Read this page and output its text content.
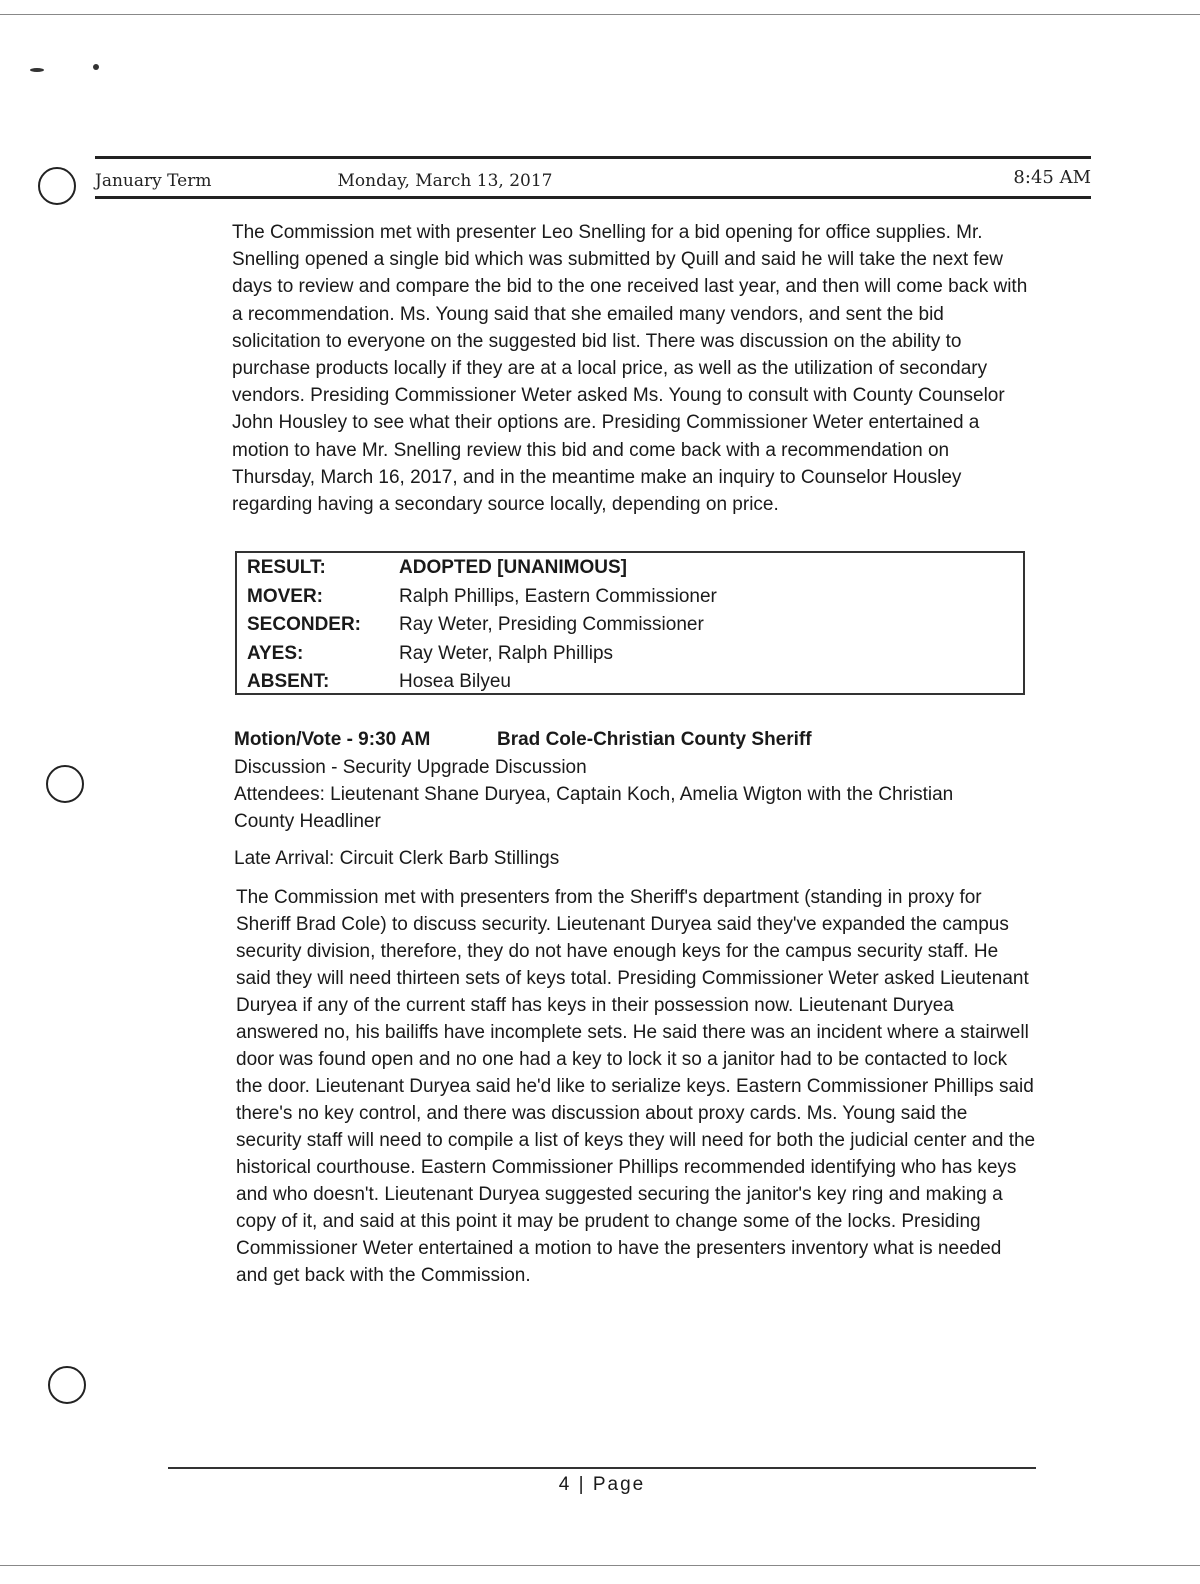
January Term	Monday, March 13, 2017	8:45 AM

The Commission met with presenter Leo Snelling for a bid opening for office supplies. Mr. Snelling opened a single bid which was submitted by Quill and said he will take the next few days to review and compare the bid to the one received last year, and then will come back with a recommendation. Ms. Young said that she emailed many vendors, and sent the bid solicitation to everyone on the suggested bid list. There was discussion on the ability to purchase products locally if they are at a local price, as well as the utilization of secondary vendors. Presiding Commissioner Weter asked Ms. Young to consult with County Counselor John Housley to see what their options are. Presiding Commissioner Weter entertained a motion to have Mr. Snelling review this bid and come back with a recommendation on Thursday, March 16, 2017, and in the meantime make an inquiry to Counselor Housley regarding having a secondary source locally, depending on price.

RESULT:	ADOPTED [UNANIMOUS]
MOVER:	Ralph Phillips, Eastern Commissioner
SECONDER: Ray Weter, Presiding Commissioner
AYES:	Ray Weter, Ralph Phillips
ABSENT:	Hosea Bilyeu
Motion/Vote - 9:30 AM	Brad Cole-Christian County Sheriff
Discussion - Security Upgrade Discussion
Attendees: Lieutenant Shane Duryea, Captain Koch, Amelia Wigton with the Christian
County Headliner
Late Arrival: Circuit Clerk Barb Stillings

The Commission met with presenters from the Sheriff's department (standing in proxy for Sheriff Brad Cole) to discuss security. Lieutenant Duryea said they've expanded the campus security division, therefore, they do not have enough keys for the campus security staff. He said they will need thirteen sets of keys total. Presiding Commissioner Weter asked Lieutenant Duryea if any of the current staff has keys in their possession now. Lieutenant Duryea answered no, his bailiffs have incomplete sets. He said there was an incident where a stairwell door was found open and no one had a key to lock it so a janitor had to be contacted to lock the door. Lieutenant Duryea said he'd like to serialize keys. Eastern Commissioner Phillips said there's no key control, and there was discussion about proxy cards. Ms. Young said the security staff will need to compile a list of keys they will need for both the judicial center and the historical courthouse. Eastern Commissioner Phillips recommended identifying who has keys and who doesn't. Lieutenant Duryea suggested securing the janitor's key ring and making a copy of it, and said at this point it may be prudent to change some of the locks. Presiding Commissioner Weter entertained a motion to have the presenters inventory what is needed and get back with the Commission.

4 | Page
